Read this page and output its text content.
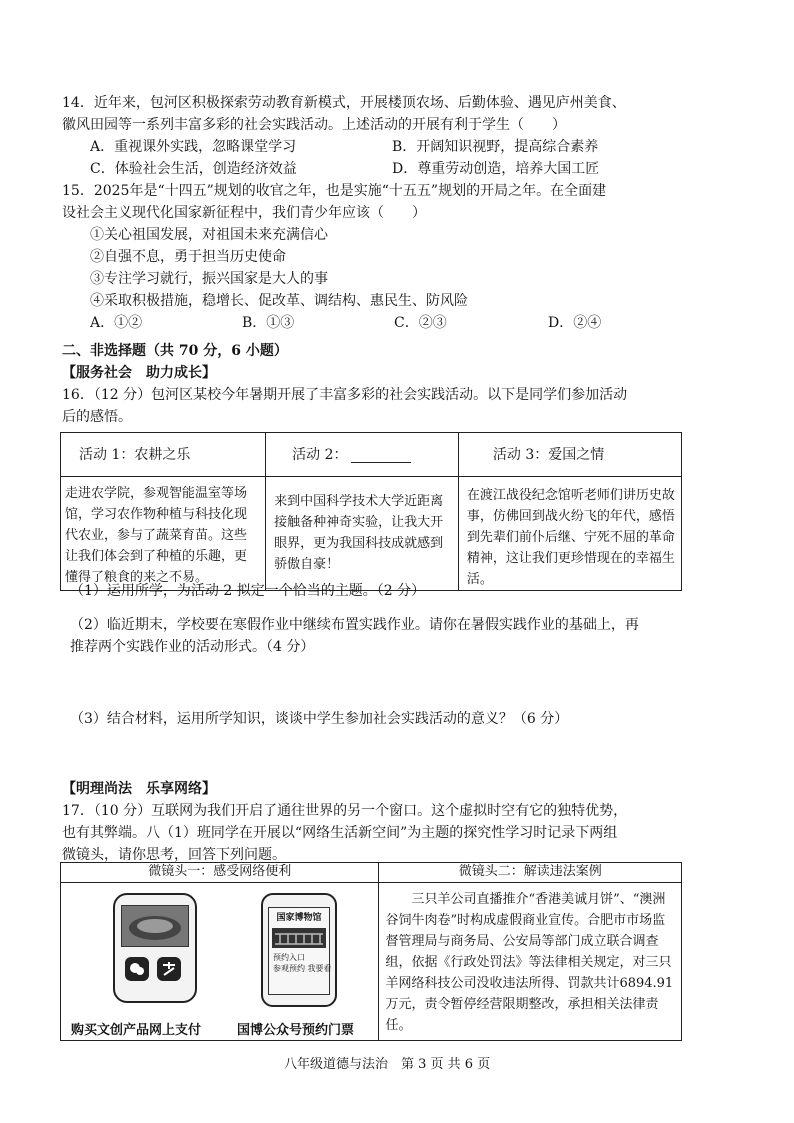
14．近年来，包河区积极探索劳动教育新模式，开展楼顶农场、后勤体验、遇见庐州美食、
徽风田园等一系列丰富多彩的社会实践活动。上述活动的开展有利于学生（　　）
A．重视课外实践，忽略课堂学习	B．开阔知识视野，提高综合素养
C．体验社会生活，创造经济效益	D．尊重劳动创造，培养大国工匠
15．2025年是“十四五”规划的收官之年，也是实施“十五五”规划的开局之年。在全面建
设社会主义现代化国家新征程中，我们青少年应该（　　）
①关心祖国发展，对祖国未来充满信心
②自强不息，勇于担当历史使命
③专注学习就行，振兴国家是大人的事
④采取积极措施，稳增长、促改革、调结构、惠民生、防风险
A．①②	B．①③	C．②③	D．②④
二、非选择题（共 70 分，6 小题）
【服务社会　助力成长】
16．（12 分）包河区某校今年暑期开展了丰富多彩的社会实践活动。以下是同学们参加活动
后的感悟。
活动 1：农耕之乐	活动 2：	活动 3：爱国之情

走进农学院，参观智能温室等场馆，学习农作物种植与科技化现代农业，参与了蔬菜育苗。这些让我们体会到了种植的乐趣，更懂得了粮食的来之不易。	来到中国科学技术大学近距离接触备种神奇实验，让我大开眼界，更为我国科技成就感到骄傲自豪！	在渡江战役纪念馆听老师们讲历史故事，仿佛回到战火纷飞的年代，感悟到先辈们前仆后继、宁死不屈的革命精神，这让我们更珍惜现在的幸福生活。
（1）运用所学，为活动 2 拟定一个恰当的主题。（2 分）
（2）临近期末，学校要在寒假作业中继续布置实践作业。请你在暑假实践作业的基础上，再
推荐两个实践作业的活动形式。（4 分）
（3）结合材料，运用所学知识，谈谈中学生参加社会实践活动的意义？（6 分）
【明理尚法　乐享网络】
17．（10 分）互联网为我们开启了通往世界的另一个窗口。这个虚拟时空有它的独特优势，
也有其弊端。八（1）班同学在开展以“网络生活新空间”为主题的探究性学习时记录下两组
微镜头，请你思考，回答下列问题。
微镜头一：感受网络便利	微镜头二：解读违法案例

国家博物馆
预约入口
参观预约 我要看
购买文创产品网上支付 国博公众号预约门票	三只羊公司直播推介“香港美诚月饼”、“澳洲谷饲牛肉卷”时构成虚假商业宣传。合肥市市场监督管理局与商务局、公安局等部门成立联合调查组，依据《行政处罚法》等法律相关规定，对三只羊网络科技公司没收违法所得、罚款共计6894.91 万元，责令暂停经营限期整改，承担相关法律责任。
八年级道德与法治　第 3 页 共 6 页
